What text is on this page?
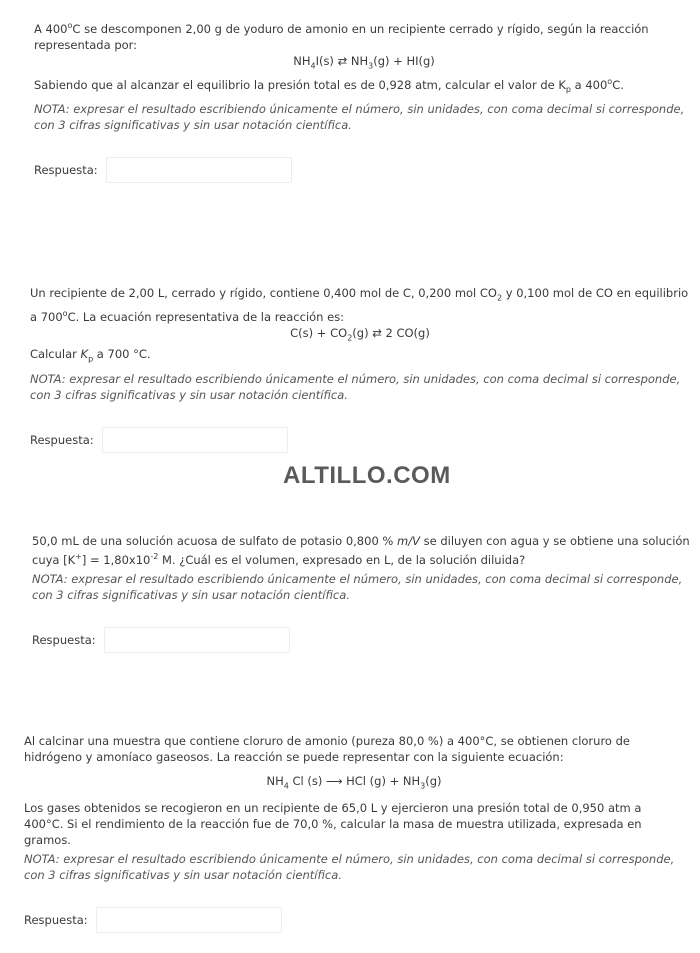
A 400$^o$C se descomponen 2,00 g de yoduro de amonio en un recipiente cerrado y rígido, según la reacción representada por:

$NH_4I(s)$ ⇄ $NH_3(g) + HI(g)$

Sabiendo que al alcanzar el equilibrio la presión total es de 0,928 atm, calcular el valor de $K_p$ a 400$^o$C.

NOTA: expresar el resultado escribiendo únicamente el número, sin unidades, con coma decimal si corresponde, con 3 cifras significativas y sin usar notación científica.

Respuesta:

Un recipiente de 2,00 L, cerrado y rígido, contiene 0,400 mol de C, 0,200 mol $CO_2$ y 0,100 mol de CO en equilibrio a 700$^o$C. La ecuación representativa de la reacción es:

$C(s) + CO_2(g)$ ⇄ 2 CO(g)

Calcular $K_p$ a 700 °C.

NOTA: expresar el resultado escribiendo únicamente el número, sin unidades, con coma decimal si corresponde, con 3 cifras significativas y sin usar notación científica.

Respuesta:
ALTILLO.COM

50,0 mL de una solución acuosa de sulfato de potasio 0,800 % m/V se diluyen con agua y se obtiene una solución cuya $[K^+] = 1,80x10^{-2}$ M. ¿Cuál es el volumen, expresado en L, de la solución diluida?

NOTA: expresar el resultado escribiendo únicamente el número, sin unidades, con coma decimal si corresponde, con 3 cifras significativas y sin usar notación científica.

Respuesta:

Al calcinar una muestra que contiene cloruro de amonio (pureza 80,0 %) a 400°C, se obtienen cloruro de hidrógeno y amoníaco gaseosos. La reacción se puede representar con la siguiente ecuación:

$NH_4$ Cl (s) ⟶ HCl $(g) + NH_3(g)$

Los gases obtenidos se recogieron en un recipiente de 65,0 L y ejercieron una presión total de 0,950 atm a 400°C. Si el rendimiento de la reacción fue de 70,0 %, calcular la masa de muestra utilizada, expresada en gramos.

NOTA: expresar el resultado escribiendo únicamente el número, sin unidades, con coma decimal si corresponde, con 3 cifras significativas y sin usar notación científica.

Respuesta:
